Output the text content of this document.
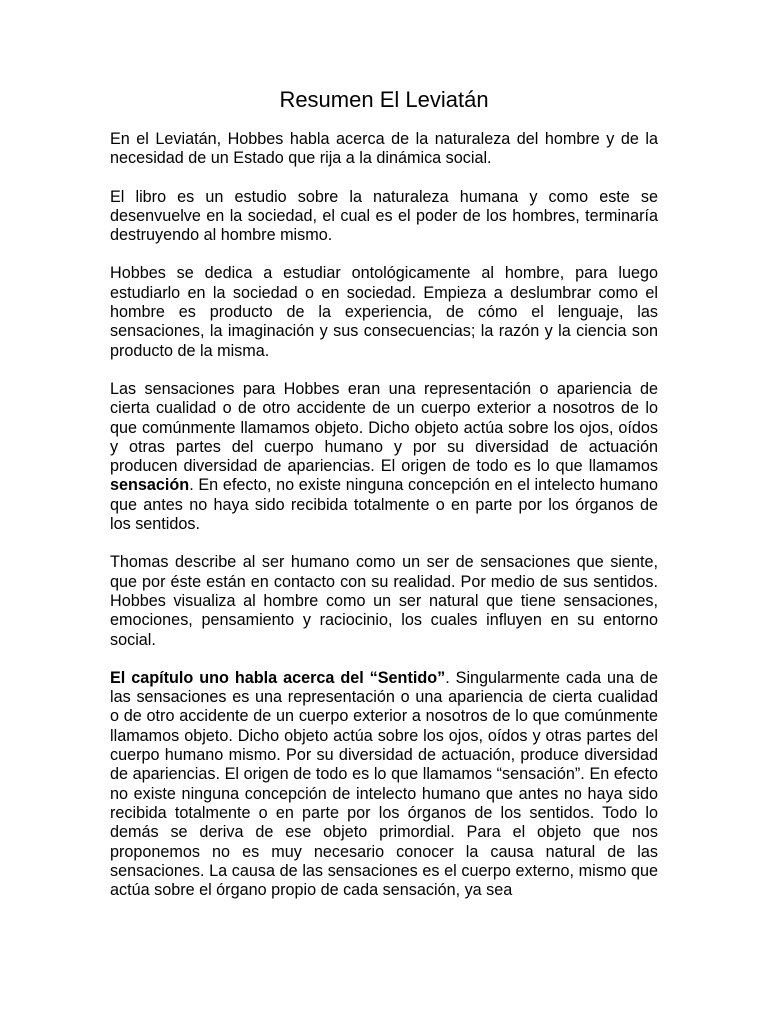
Resumen El Leviatán

En el Leviatán, Hobbes habla acerca de la naturaleza del hombre y de la necesidad de un Estado que rija a la dinámica social.

El libro es un estudio sobre la naturaleza humana y como este se desenvuelve en la sociedad, el cual es el poder de los hombres, terminaría destruyendo al hombre mismo.

Hobbes se dedica a estudiar ontológicamente al hombre, para luego estudiarlo en la sociedad o en sociedad. Empieza a deslumbrar como el hombre es producto de la experiencia, de cómo el lenguaje, las sensaciones, la imaginación y sus consecuencias; la razón y la ciencia son producto de la misma.

Las sensaciones para Hobbes eran una representación o apariencia de cierta cualidad o de otro accidente de un cuerpo exterior a nosotros de lo que comúnmente llamamos objeto. Dicho objeto actúa sobre los ojos, oídos y otras partes del cuerpo humano y por su diversidad de actuación producen diversidad de apariencias. El origen de todo es lo que llamamos sensación. En efecto, no existe ninguna concepción en el intelecto humano que antes no haya sido recibida totalmente o en parte por los órganos de los sentidos.

Thomas describe al ser humano como un ser de sensaciones que siente, que por éste están en contacto con su realidad. Por medio de sus sentidos. Hobbes visualiza al hombre como un ser natural que tiene sensaciones, emociones, pensamiento y raciocinio, los cuales influyen en su entorno social.

El capítulo uno habla acerca del “Sentido”. Singularmente cada una de las sensaciones es una representación o una apariencia de cierta cualidad o de otro accidente de un cuerpo exterior a nosotros de lo que comúnmente llamamos objeto. Dicho objeto actúa sobre los ojos, oídos y otras partes del cuerpo humano mismo. Por su diversidad de actuación, produce diversidad de apariencias. El origen de todo es lo que llamamos “sensación”. En efecto no existe ninguna concepción de intelecto humano que antes no haya sido recibida totalmente o en parte por los órganos de los sentidos. Todo lo demás se deriva de ese objeto primordial. Para el objeto que nos proponemos no es muy necesario conocer la causa natural de las sensaciones. La causa de las sensaciones es el cuerpo externo, mismo que actúa sobre el órgano propio de cada sensación, ya sea
